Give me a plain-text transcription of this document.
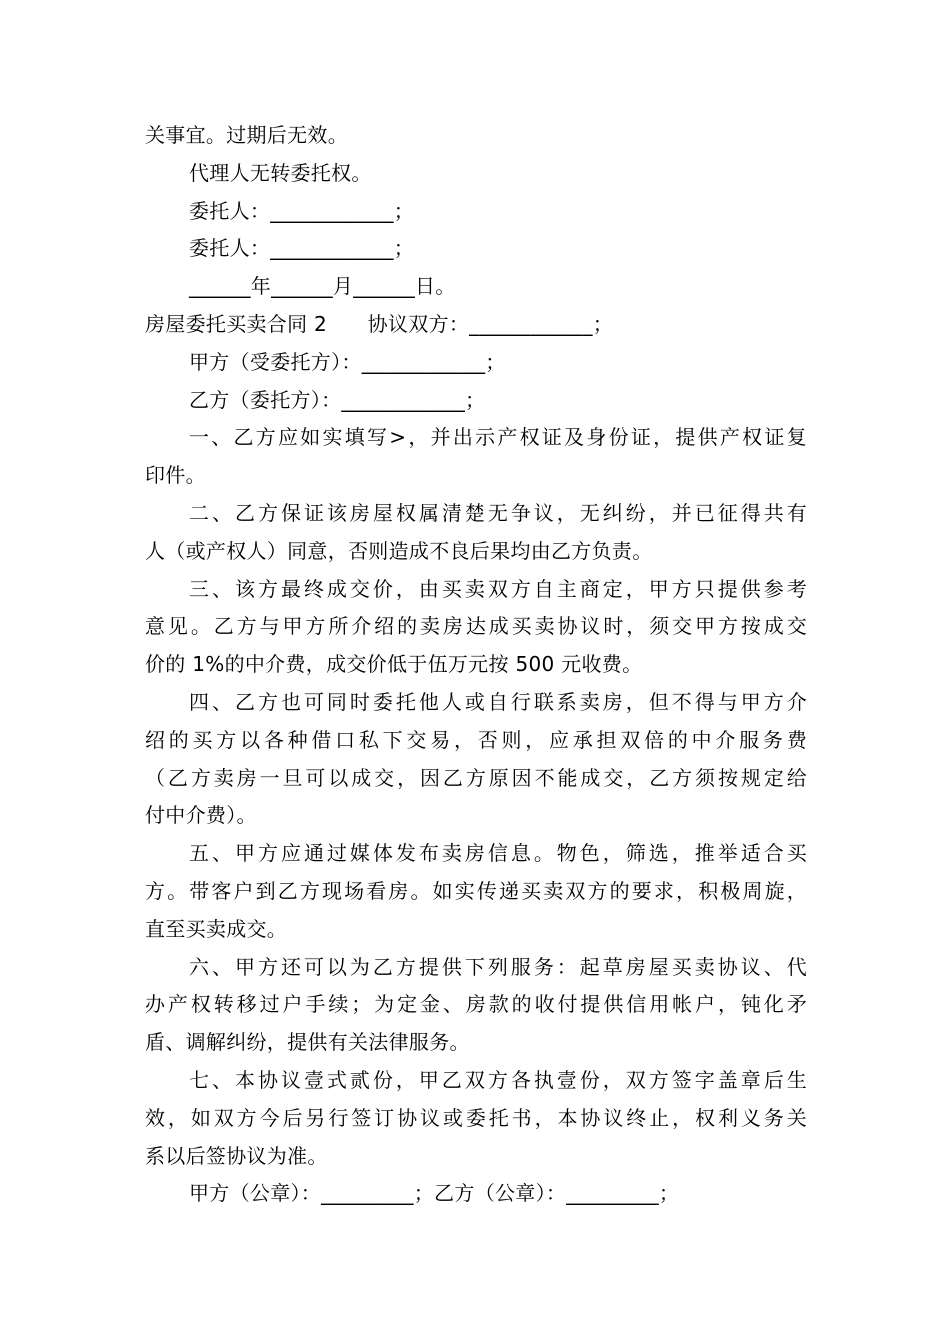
关事宜。过期后无效。
代理人无转委托权。
委托人：____________；
委托人：____________；
______年______月______日。
房屋委托买卖合同 2　　协议双方：____________；
甲方（受委托方）：____________；
乙方（委托方）：____________；
一、乙方应如实填写>，并出示产权证及身份证，提供产权证复
印件。
二、乙方保证该房屋权属清楚无争议，无纠纷，并已征得共有
人（或产权人）同意，否则造成不良后果均由乙方负责。
三、该方最终成交价，由买卖双方自主商定，甲方只提供参考
意见。乙方与甲方所介绍的卖房达成买卖协议时，须交甲方按成交
价的 1%的中介费，成交价低于伍万元按 500 元收费。
四、乙方也可同时委托他人或自行联系卖房，但不得与甲方介
绍的买方以各种借口私下交易，否则，应承担双倍的中介服务费
（乙方卖房一旦可以成交，因乙方原因不能成交，乙方须按规定给
付中介费）。
五、甲方应通过媒体发布卖房信息。物色，筛选，推举适合买
方。带客户到乙方现场看房。如实传递买卖双方的要求，积极周旋，
直至买卖成交。
六、甲方还可以为乙方提供下列服务：起草房屋买卖协议、代
办产权转移过户手续；为定金、房款的收付提供信用帐户，钝化矛
盾、调解纠纷，提供有关法律服务。
七、本协议壹式贰份，甲乙双方各执壹份，双方签字盖章后生
效，如双方今后另行签订协议或委托书，本协议终止，权利义务关
系以后签协议为准。
甲方（公章）：_________；乙方（公章）：_________；
